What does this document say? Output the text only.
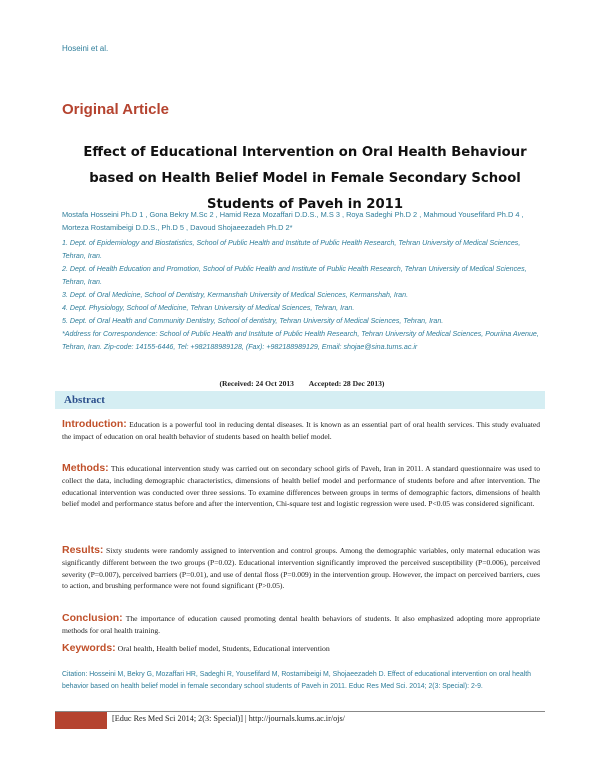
Hoseini et al.
Original Article
Effect of Educational Intervention on Oral Health Behaviour based on Health Belief Model in Female Secondary School Students of Paveh in 2011
Mostafa Hosseini Ph.D 1 , Gona Bekry M.Sc 2 , Hamid Reza Mozaffari D.D.S., M.S 3 , Roya Sadeghi Ph.D 2 , Mahmoud Yousefifard Ph.D 4 , Morteza Rostamibeigi D.D.S., Ph.D 5 , Davoud Shojaeezadeh Ph.D 2*

1. Dept. of Epidemiology and Biostatistics, School of Public Health and Institute of Public Health Research, Tehran University of Medical Sciences, Tehran, Iran.

2. Dept. of Health Education and Promotion, School of Public Health and Institute of Public Health Research, Tehran University of Medical Sciences, Tehran, Iran.

3. Dept. of Oral Medicine, School of Dentistry, Kermanshah University of Medical Sciences, Kermanshah, Iran.

4. Dept. Physiology, School of Medicine, Tehran University of Medical Sciences, Tehran, Iran.

5. Dept. of Oral Health and Community Dentistry, School of dentistry, Tehran University of Medical Sciences, Tehran, Iran.

*Address for Correspondence: School of Public Health and Institute of Public Health Research, Tehran University of Medical Sciences, Pouriina Avenue, Tehran, Iran. Zip-code: 14155-6446, Tel: +982188989128, (Fax): +982188989129, Email: shojae@sina.tums.ac.ir

(Received: 24 Oct 2013 Accepted: 28 Dec 2013)
Abstract
Introduction: Education is a powerful tool in reducing dental diseases. It is known as an essential part of oral health services. This study evaluated the impact of education on oral health behavior of students based on health belief model.
Methods: This educational intervention study was carried out on secondary school girls of Paveh, Iran in 2011. A standard questionnaire was used to collect the data, including demographic characteristics, dimensions of health belief model and performance of students before and after intervention. The educational intervention was conducted over three sessions. To examine differences between groups in terms of demographic factors, dimensions of health belief model and performance status before and after the intervention, Chi-square test and logistic regression were used. P<0.05 was considered significant.
Results: Sixty students were randomly assigned to intervention and control groups. Among the demographic variables, only maternal education was significantly different between the two groups (P=0.02). Educational intervention significantly improved the perceived susceptibility (P=0.006), perceived severity (P=0.007), perceived barriers (P=0.01), and use of dental floss (P=0.009) in the intervention group. However, the impact on perceived barriers, cues to action, and brushing performance were not found significant (P>0.05).
Conclusion: The importance of education caused promoting dental health behaviors of students. It also emphasized adopting more appropriate methods for oral health training.
Keywords: Oral health, Health belief model, Students, Educational intervention
Citation: Hosseini M, Bekry G, Mozaffari HR, Sadeghi R, Yousefifard M, Rostamibeigi M, Shojaeezadeh D. Effect of educational intervention on oral health behavior based on health belief model in female secondary school students of Paveh in 2011. Educ Res Med Sci. 2014; 2(3: Special): 2-9.
[Educ Res Med Sci 2014; 2(3: Special)] | http://journals.kums.ac.ir/ojs/
